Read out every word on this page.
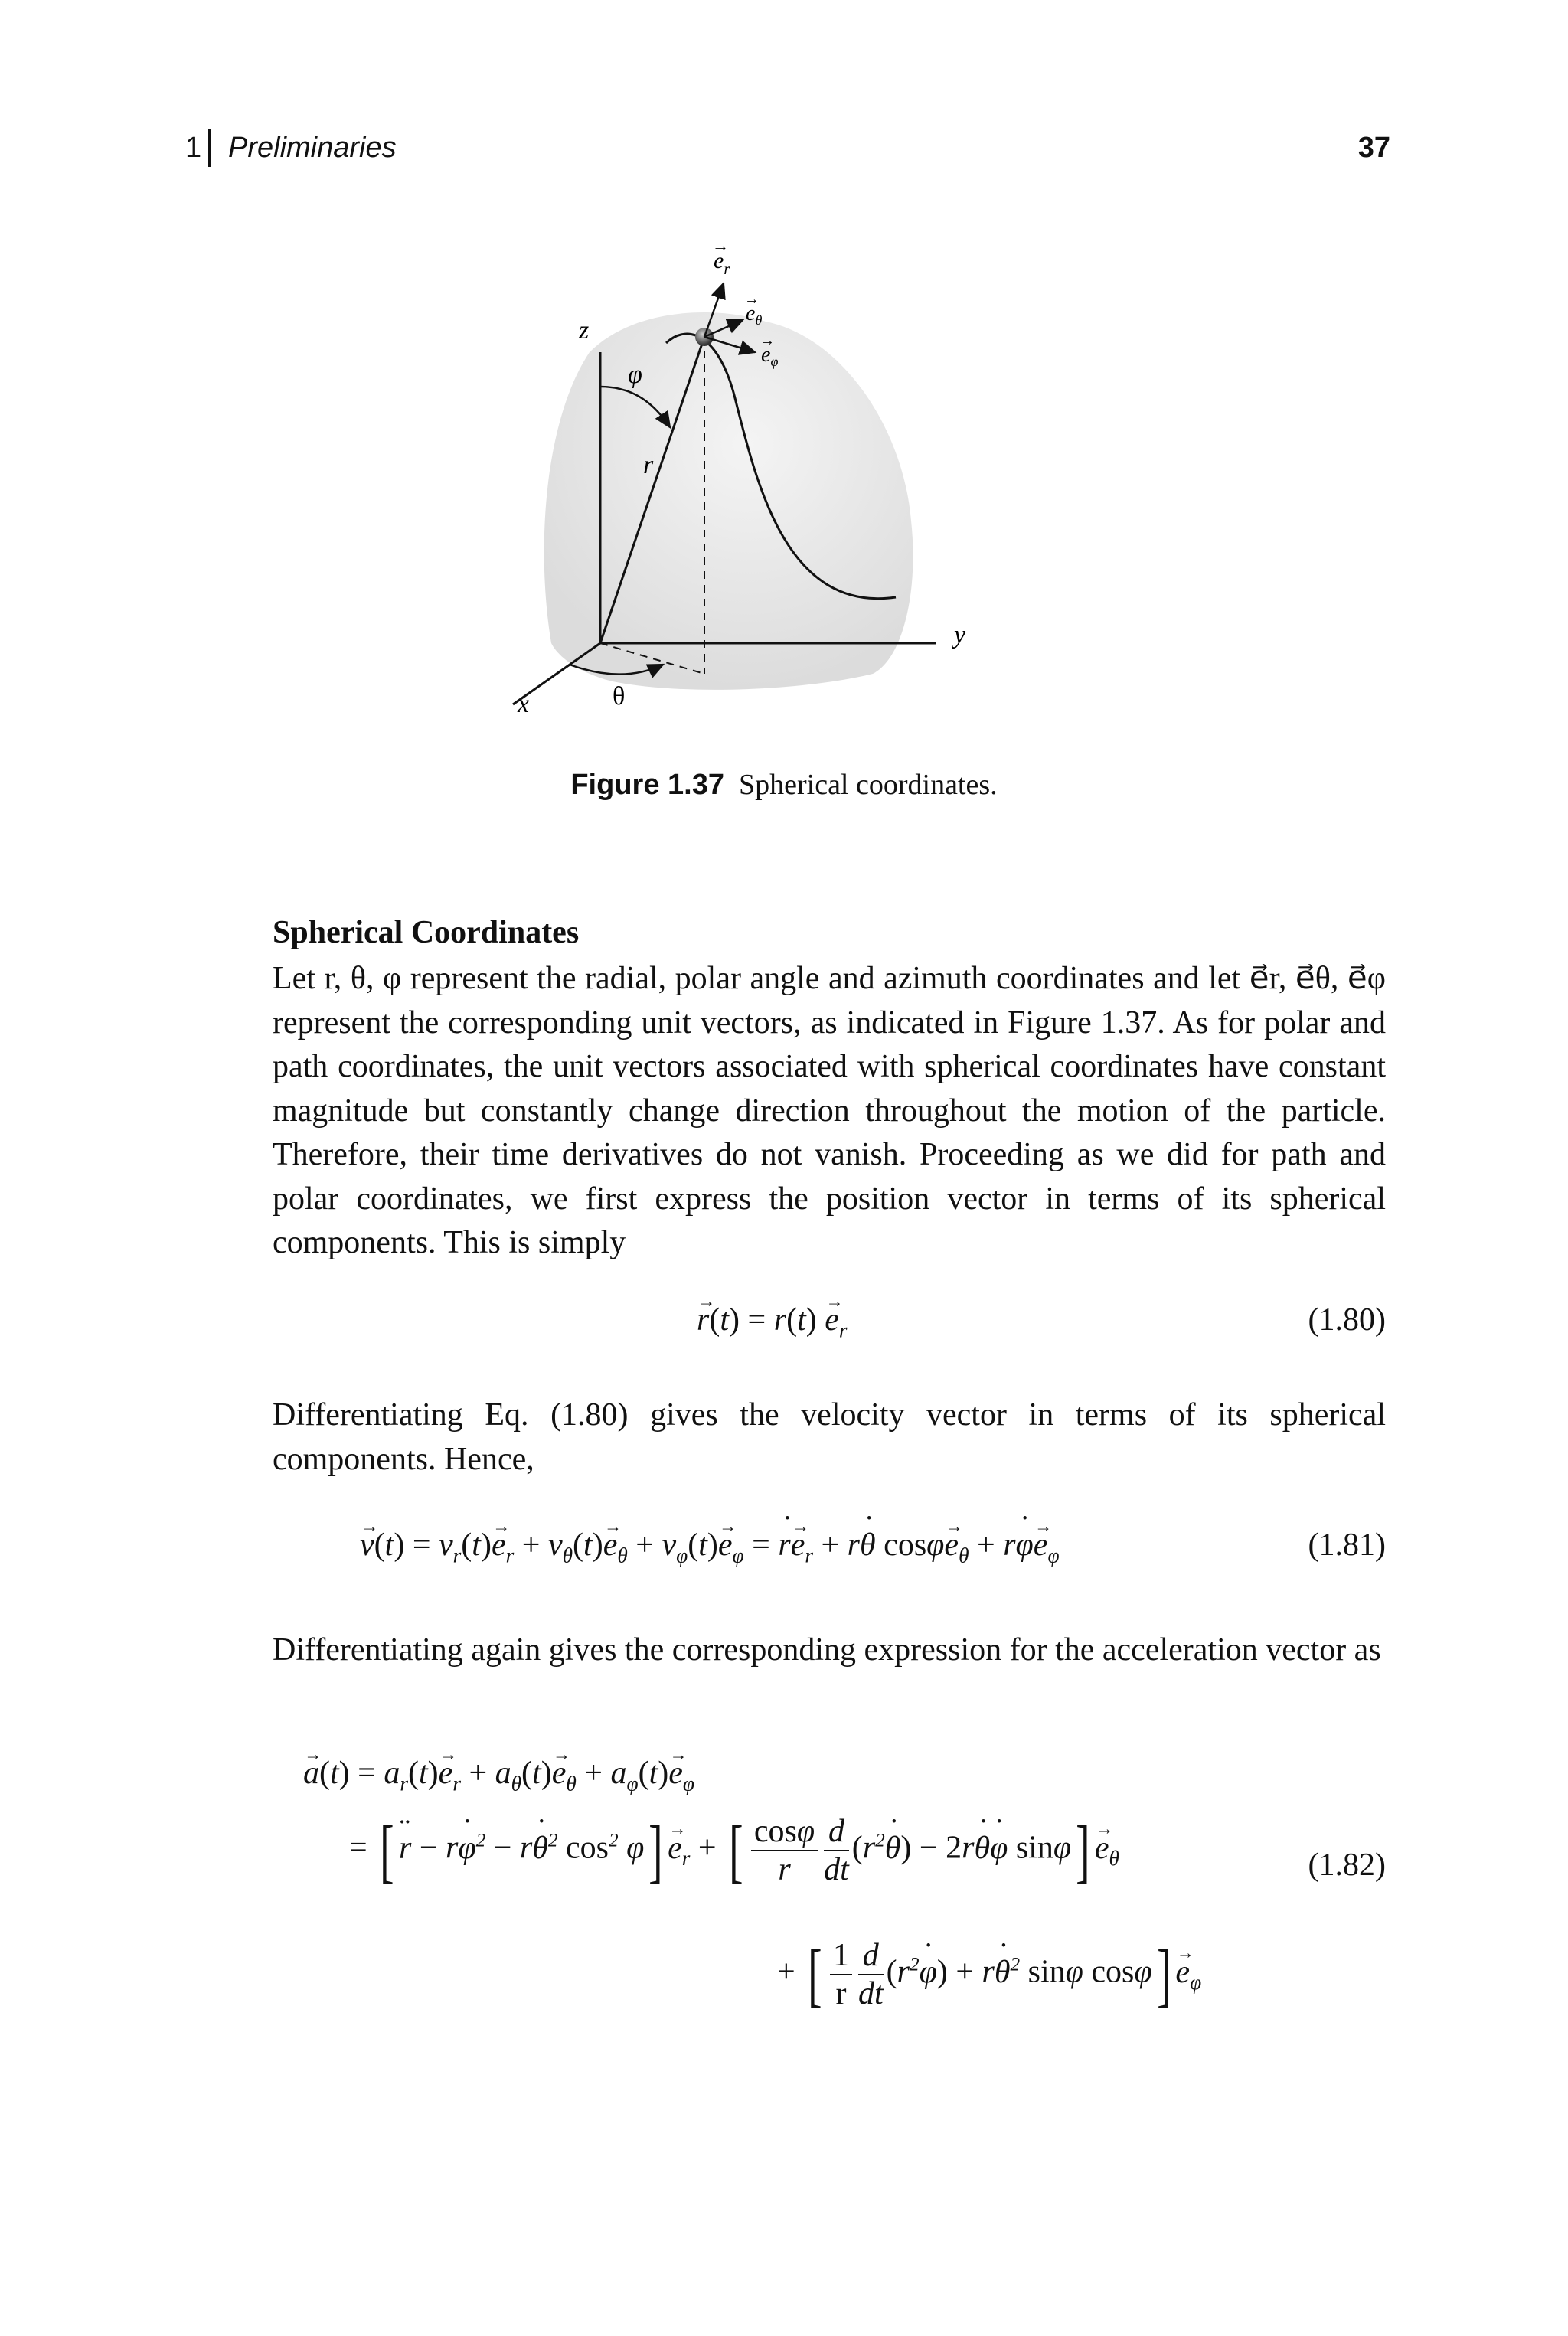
1 Preliminaries	37
$e_r$
→
$e_\theta$
→
$e_\varphi$
→
z
y
x
r
φ
θ
Figure 1.37 Spherical coordinates.
Spherical Coordinates
Let r, θ, φ represent the radial, polar angle and azimuth coordinates and let e⃗r, e⃗θ, e⃗φ represent the corresponding unit vectors, as indicated in Figure 1.37. As for polar and path coordinates, the unit vectors associated with spherical coordinates have constant magnitude but constantly change direction throughout the motion of the particle. Therefore, their time derivatives do not vanish. Proceeding as we did for path and polar coordinates, we first express the position vector in terms of its spherical components. This is simply
→ $r(t) = r(t) \to e_r$	(1.80)
Differentiating Eq. (1.80) gives the velocity vector in terms of its spherical components. Hence,
→ $v(t) = v_r(t)\to e_r + v_\theta(t)\to e_\theta + v_\varphi(t)\to e_\varphi$ = ˙ $r\to e_r$ + r˙ θ $\cos\varphi\to e_\theta$ + r˙ $\varphi\to e_\varphi$	(1.81)
Differentiating again gives the corresponding expression for the acceleration vector as
→ $a(t) = a_r(t)\to e_r + a_\theta(t)\to e_\theta + a_\varphi(t)\to e_\varphi$
= [ ¨ r − r˙ $\varphi^2$ − r˙ $\theta^2$ $\cos^2 \varphi] \to e_r$ + [ $\frac{\cos\varphi}{r} \frac{d}{dt}$ ($r^2˙$ θ) − 2r˙ θ˙ φ $\sin\varphi] \to e_\theta$	(1.82)
+ [ $\frac{1}{r} \frac{d}{dt}$ ($r^2˙$ φ) + r˙ $\theta^2$ sinφ $\cos\varphi] \to e_\varphi$
